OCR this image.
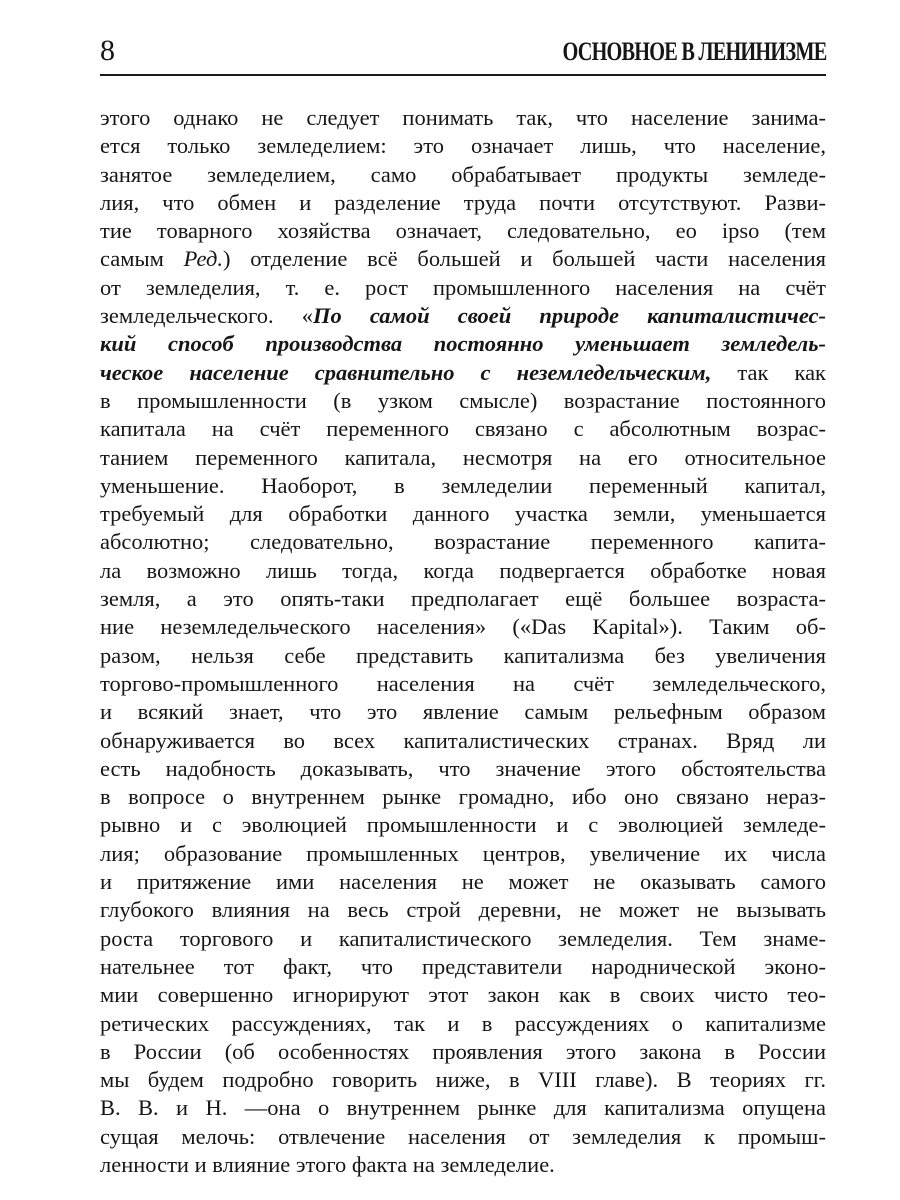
8	ОСНОВНОЕ В ЛЕНИНИЗМЕ
этого однако не следует понимать так, что население занима-
ется только земледелием: это означает лишь, что население,
занятое земледелием, само обрабатывает продукты земледе-
лия, что обмен и разделение труда почти отсутствуют. Разви-
тие товарного хозяйства означает, следовательно, eo ipso (тем
самым Ред.) отделение всё большей и большей части населения
от земледелия, т. е. рост промышленного населения на счёт
земледельческого. «По самой своей природе капиталистичес-
кий способ производства постоянно уменьшает земледель-
ческое население сравнительно с неземледельческим, так как
в промышленности (в узком смысле) возрастание постоянного
капитала на счёт переменного связано с абсолютным возрас-
танием переменного капитала, несмотря на его относительное
уменьшение. Наоборот, в земледелии переменный капитал,
требуемый для обработки данного участка земли, уменьшается
абсолютно; следовательно, возрастание переменного капита-
ла возможно лишь тогда, когда подвергается обработке новая
земля, а это опять-таки предполагает ещё большее возраста-
ние неземледельческого населения» («Das Kapital»). Таким об-
разом, нельзя себе представить капитализма без увеличения
торгово-промышленного населения на счёт земледельческого,
и всякий знает, что это явление самым рельефным образом
обнаруживается во всех капиталистических странах. Вряд ли
есть надобность доказывать, что значение этого обстоятельства
в вопросе о внутреннем рынке громадно, ибо оно связано нераз-
рывно и с эволюцией промышленности и с эволюцией земледе-
лия; образование промышленных центров, увеличение их числа
и притяжение ими населения не может не оказывать самого
глубокого влияния на весь строй деревни, не может не вызывать
роста торгового и капиталистического земледелия. Тем знаме-
нательнее тот факт, что представители народнической эконо-
мии совершенно игнорируют этот закон как в своих чисто тео-
ретических рассуждениях, так и в рассуждениях о капитализме
в России (об особенностях проявления этого закона в России
мы будем подробно говорить ниже, в VIII главе). В теориях гг.
В. В. и Н. —она о внутреннем рынке для капитализма опущена
сущая мелочь: отвлечение населения от земледелия к промыш-
ленности и влияние этого факта на земледелие.
